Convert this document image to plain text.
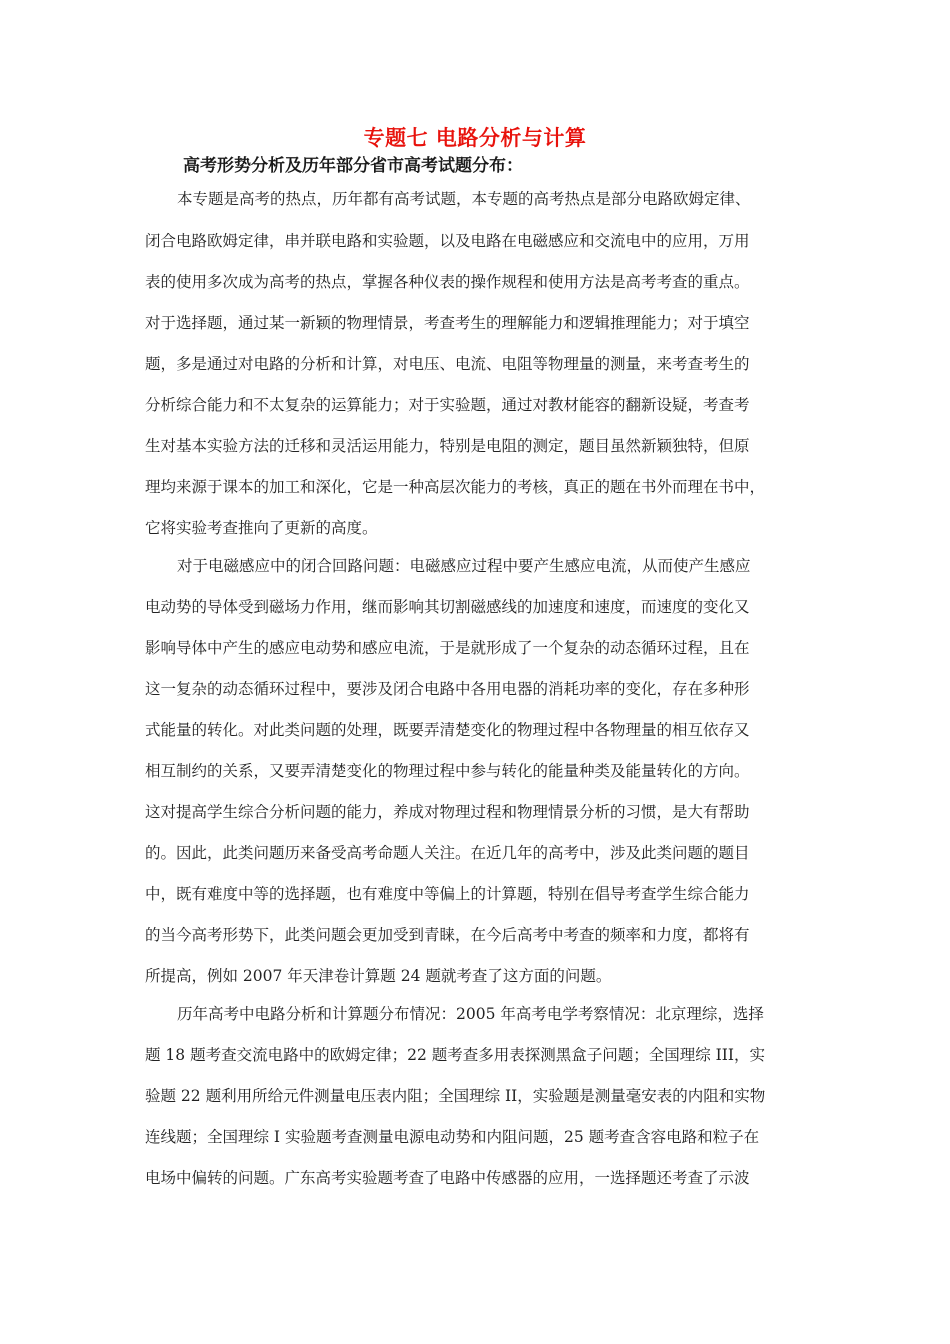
专题七 电路分析与计算
高考形势分析及历年部分省市高考试题分布：
本专题是高考的热点，历年都有高考试题，本专题的高考热点是部分电路欧姆定律、
闭合电路欧姆定律，串并联电路和实验题，以及电路在电磁感应和交流电中的应用，万用
表的使用多次成为高考的热点，掌握各种仪表的操作规程和使用方法是高考考查的重点。
对于选择题，通过某一新颖的物理情景，考查考生的理解能力和逻辑推理能力；对于填空
题，多是通过对电路的分析和计算，对电压、电流、电阻等物理量的测量，来考查考生的
分析综合能力和不太复杂的运算能力；对于实验题，通过对教材能容的翻新设疑，考查考
生对基本实验方法的迁移和灵活运用能力，特别是电阻的测定，题目虽然新颖独特，但原
理均来源于课本的加工和深化，它是一种高层次能力的考核，真正的题在书外而理在书中，
它将实验考查推向了更新的高度。
对于电磁感应中的闭合回路问题：电磁感应过程中要产生感应电流，从而使产生感应
电动势的导体受到磁场力作用，继而影响其切割磁感线的加速度和速度，而速度的变化又
影响导体中产生的感应电动势和感应电流，于是就形成了一个复杂的动态循环过程，且在
这一复杂的动态循环过程中，要涉及闭合电路中各用电器的消耗功率的变化，存在多种形
式能量的转化。对此类问题的处理，既要弄清楚变化的物理过程中各物理量的相互依存又
相互制约的关系，又要弄清楚变化的物理过程中参与转化的能量种类及能量转化的方向。
这对提高学生综合分析问题的能力，养成对物理过程和物理情景分析的习惯，是大有帮助
的。因此，此类问题历来备受高考命题人关注。在近几年的高考中，涉及此类问题的题目
中，既有难度中等的选择题，也有难度中等偏上的计算题，特别在倡导考查学生综合能力
的当今高考形势下，此类问题会更加受到青睐，在今后高考中考查的频率和力度，都将有
所提高，例如 2007 年天津卷计算题 24 题就考查了这方面的问题。
历年高考中电路分析和计算题分布情况：2005 年高考电学考察情况：北京理综，选择
题 18 题考查交流电路中的欧姆定律；22 题考查多用表探测黑盒子问题；全国理综 III，实
验题 22 题利用所给元件测量电压表内阻；全国理综 II，实验题是测量毫安表的内阻和实物
连线题；全国理综 I 实验题考查测量电源电动势和内阻问题，25 题考查含容电路和粒子在
电场中偏转的问题。广东高考实验题考查了电路中传感器的应用，一选择题还考查了示波
